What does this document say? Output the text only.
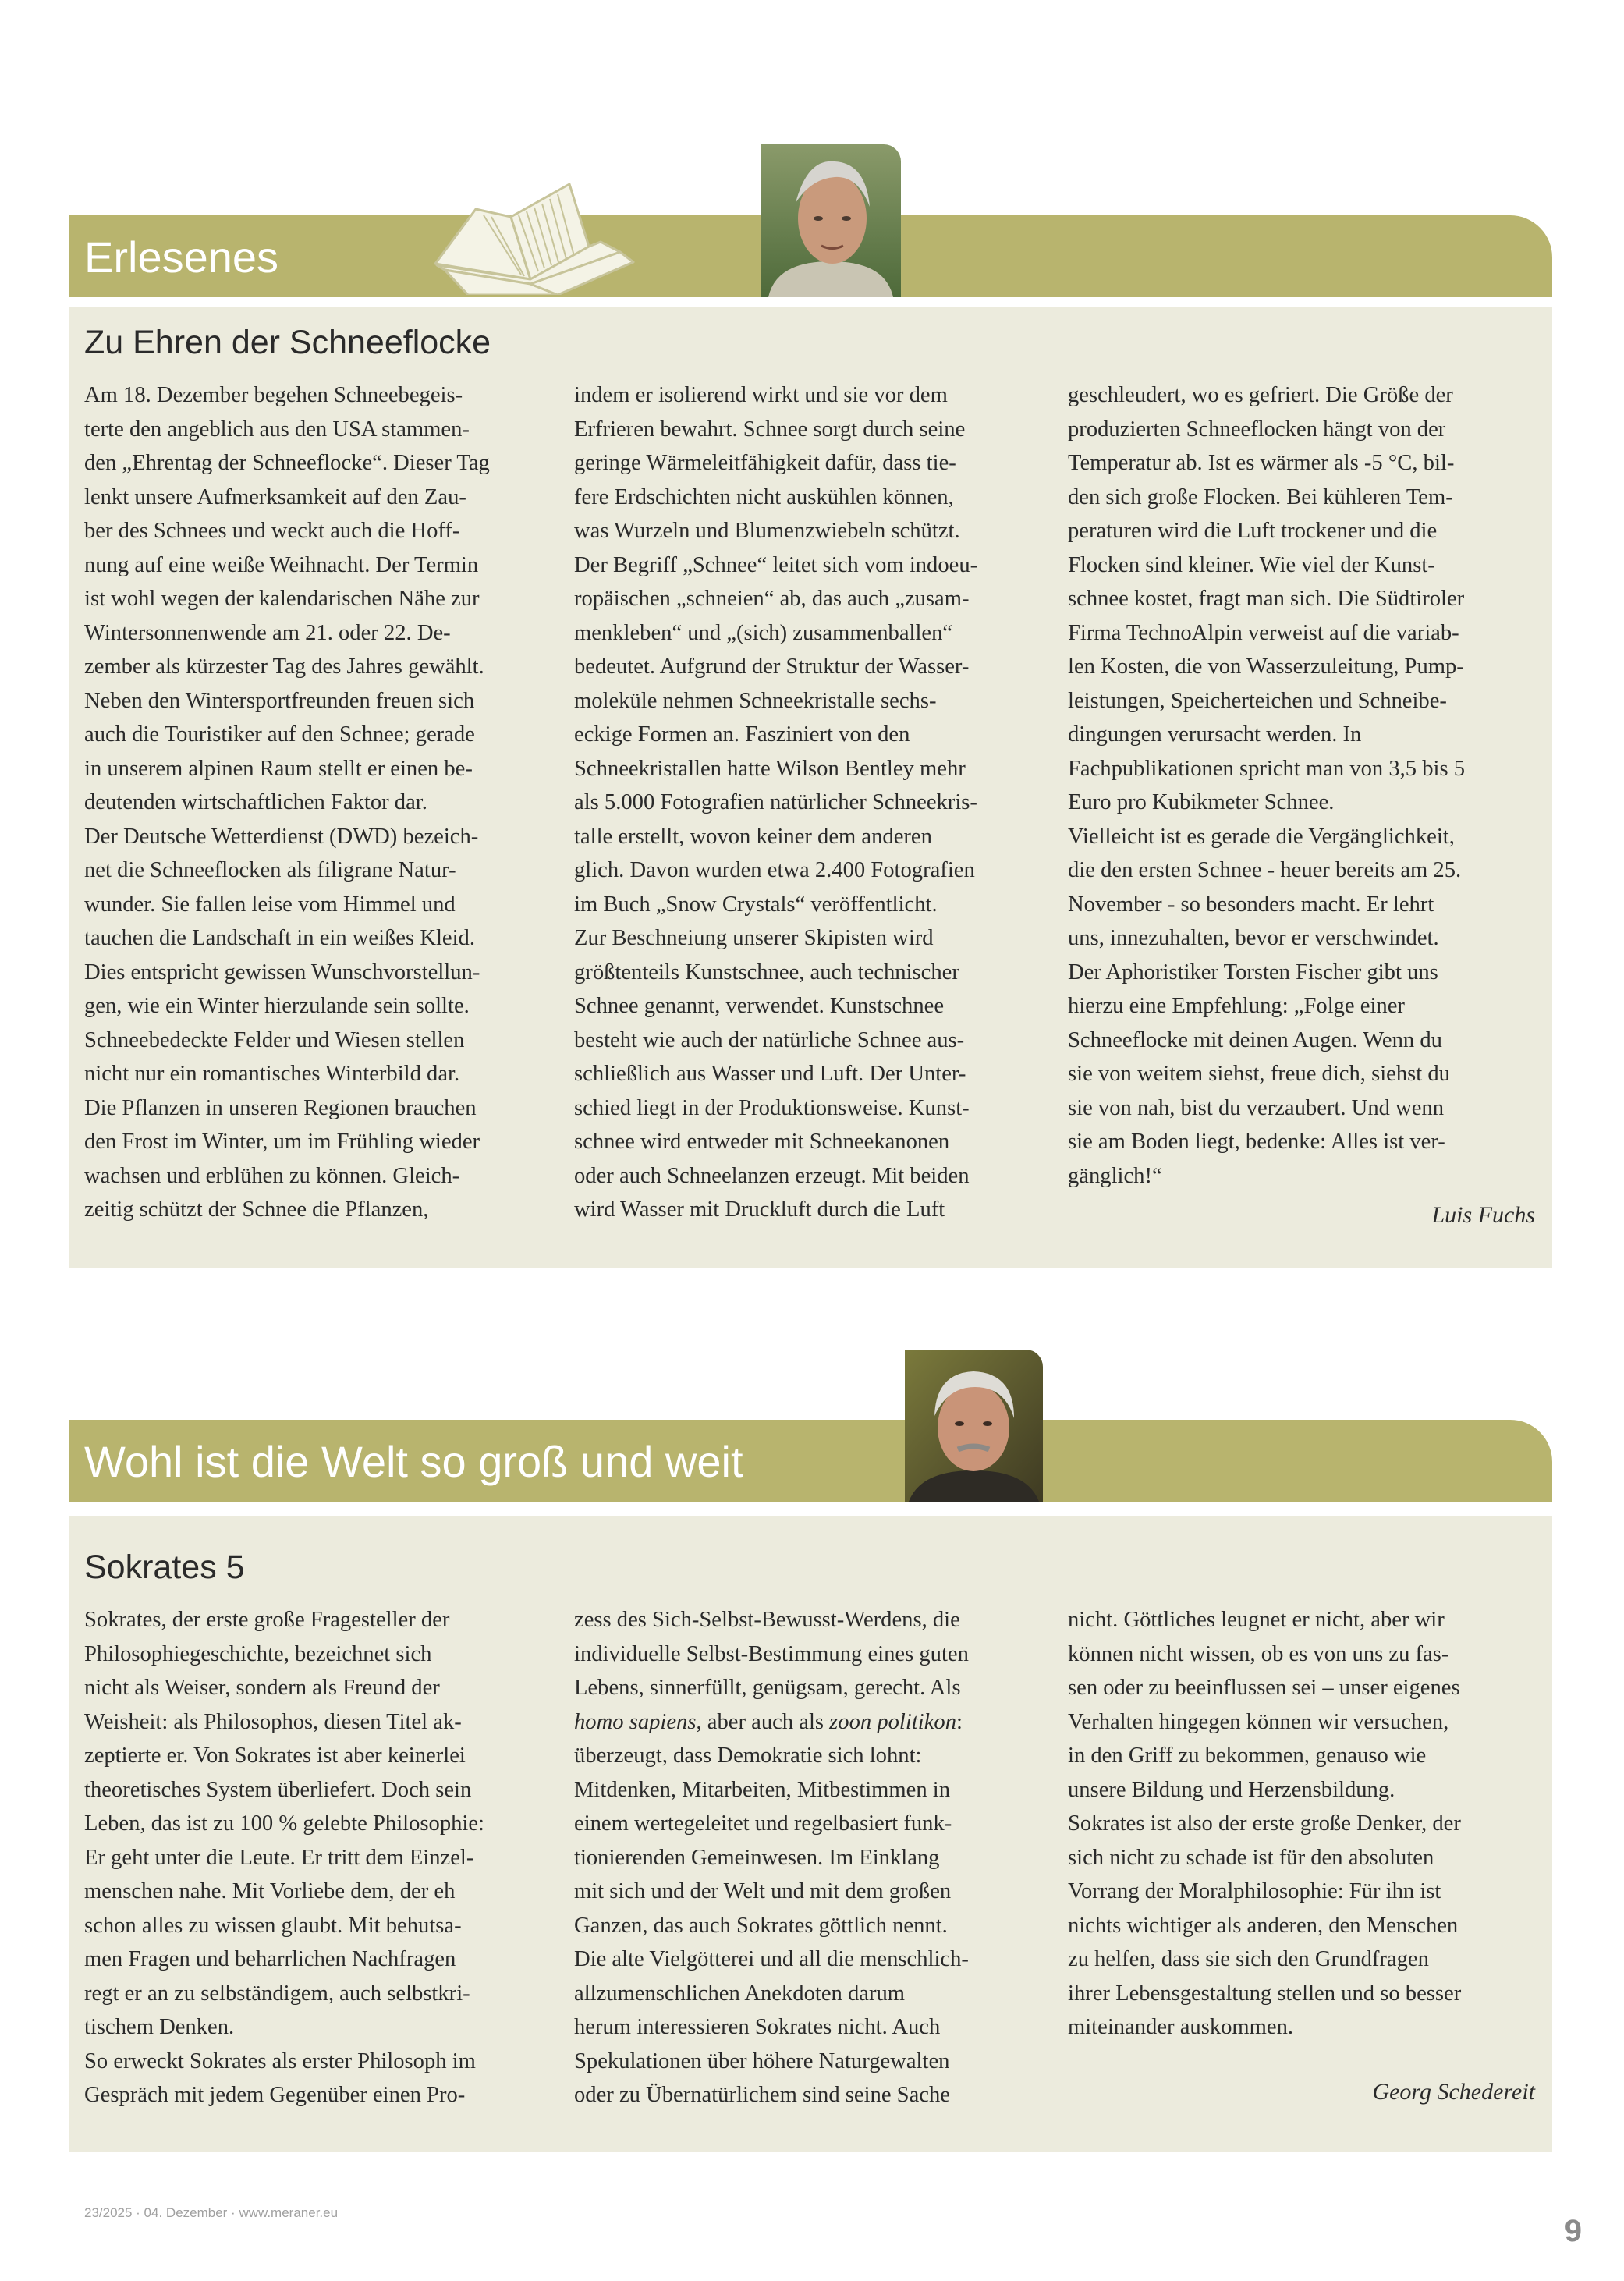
Erlesenes
Zu Ehren der Schneeflocke

Am 18. Dezember begehen Schneebegeis-

terte den angeblich aus den USA stammen-

den „Ehrentag der Schneeflocke“. Dieser Tag

lenkt unsere Aufmerksamkeit auf den Zau-

ber des Schnees und weckt auch die Hoff-

nung auf eine weiße Weihnacht. Der Termin

ist wohl wegen der kalendarischen Nähe zur

Wintersonnenwende am 21. oder 22. De-

zember als kürzester Tag des Jahres gewählt.

Neben den Wintersportfreunden freuen sich

auch die Touristiker auf den Schnee; gerade

in unserem alpinen Raum stellt er einen be-

deutenden wirtschaftlichen Faktor dar.

Der Deutsche Wetterdienst (DWD) bezeich-

net die Schneeflocken als filigrane Natur-

wunder. Sie fallen leise vom Himmel und

tauchen die Landschaft in ein weißes Kleid.

Dies entspricht gewissen Wunschvorstellun-

gen, wie ein Winter hierzulande sein sollte.

Schneebedeckte Felder und Wiesen stellen

nicht nur ein romantisches Winterbild dar.

Die Pflanzen in unseren Regionen brauchen

den Frost im Winter, um im Frühling wieder

wachsen und erblühen zu können. Gleich-

zeitig schützt der Schnee die Pflanzen,

indem er isolierend wirkt und sie vor dem

Erfrieren bewahrt. Schnee sorgt durch seine

geringe Wärmeleitfähigkeit dafür, dass tie-

fere Erdschichten nicht auskühlen können,

was Wurzeln und Blumenzwiebeln schützt.

Der Begriff „Schnee“ leitet sich vom indoeu-

ropäischen „schneien“ ab, das auch „zusam-

menkleben“ und „(sich) zusammenballen“

bedeutet. Aufgrund der Struktur der Wasser-

moleküle nehmen Schneekristalle sechs-

eckige Formen an. Fasziniert von den

Schneekristallen hatte Wilson Bentley mehr

als 5.000 Fotografien natürlicher Schneekris-

talle erstellt, wovon keiner dem anderen

glich. Davon wurden etwa 2.400 Fotografien

im Buch „Snow Crystals“ veröffentlicht.

Zur Beschneiung unserer Skipisten wird

größtenteils Kunstschnee, auch technischer

Schnee genannt, verwendet. Kunstschnee

besteht wie auch der natürliche Schnee aus-

schließlich aus Wasser und Luft. Der Unter-

schied liegt in der Produktionsweise. Kunst-

schnee wird entweder mit Schneekanonen

oder auch Schneelanzen erzeugt. Mit beiden

wird Wasser mit Druckluft durch die Luft

geschleudert, wo es gefriert. Die Größe der

produzierten Schneeflocken hängt von der

Temperatur ab. Ist es wärmer als -5 °C, bil-

den sich große Flocken. Bei kühleren Tem-

peraturen wird die Luft trockener und die

Flocken sind kleiner. Wie viel der Kunst-

schnee kostet, fragt man sich. Die Südtiroler

Firma TechnoAlpin verweist auf die variab-

len Kosten, die von Wasserzuleitung, Pump-

leistungen, Speicherteichen und Schneibe-

dingungen verursacht werden. In

Fachpublikationen spricht man von 3,5 bis 5

Euro pro Kubikmeter Schnee.

Vielleicht ist es gerade die Vergänglichkeit,

die den ersten Schnee - heuer bereits am 25.

November - so besonders macht. Er lehrt

uns, innezuhalten, bevor er verschwindet.

Der Aphoristiker Torsten Fischer gibt uns

hierzu eine Empfehlung: „Folge einer

Schneeflocke mit deinen Augen. Wenn du

sie von weitem siehst, freue dich, siehst du

sie von nah, bist du verzaubert. Und wenn

sie am Boden liegt, bedenke: Alles ist ver-

gänglich!“

Luis Fuchs
Wohl ist die Welt so groß und weit
Sokrates 5

Sokrates, der erste große Fragesteller der

Philosophiegeschichte, bezeichnet sich

nicht als Weiser, sondern als Freund der

Weisheit: als Philosophos, diesen Titel ak-

zeptierte er. Von Sokrates ist aber keinerlei

theoretisches System überliefert. Doch sein

Leben, das ist zu 100 % gelebte Philosophie:

Er geht unter die Leute. Er tritt dem Einzel-

menschen nahe. Mit Vorliebe dem, der eh

schon alles zu wissen glaubt. Mit behutsa-

men Fragen und beharrlichen Nachfragen

regt er an zu selbständigem, auch selbstkri-

tischem Denken.

So erweckt Sokrates als erster Philosoph im

Gespräch mit jedem Gegenüber einen Pro-

zess des Sich-Selbst-Bewusst-Werdens, die

individuelle Selbst-Bestimmung eines guten

Lebens, sinnerfüllt, genügsam, gerecht. Als

homo sapiens, aber auch als zoon politikon:

überzeugt, dass Demokratie sich lohnt:

Mitdenken, Mitarbeiten, Mitbestimmen in

einem wertegeleitet und regelbasiert funk-

tionierenden Gemeinwesen. Im Einklang

mit sich und der Welt und mit dem großen

Ganzen, das auch Sokrates göttlich nennt.

Die alte Vielgötterei und all die menschlich-

allzumenschlichen Anekdoten darum

herum interessieren Sokrates nicht. Auch

Spekulationen über höhere Naturgewalten

oder zu Übernatürlichem sind seine Sache

nicht. Göttliches leugnet er nicht, aber wir

können nicht wissen, ob es von uns zu fas-

sen oder zu beeinflussen sei – unser eigenes

Verhalten hingegen können wir versuchen,

in den Griff zu bekommen, genauso wie

unsere Bildung und Herzensbildung.

Sokrates ist also der erste große Denker, der

sich nicht zu schade ist für den absoluten

Vorrang der Moralphilosophie: Für ihn ist

nichts wichtiger als anderen, den Menschen

zu helfen, dass sie sich den Grundfragen

ihrer Lebensgestaltung stellen und so besser

miteinander auskommen.

Georg Schedereit
23/2025 · 04. Dezember · www.meraner.eu
9
